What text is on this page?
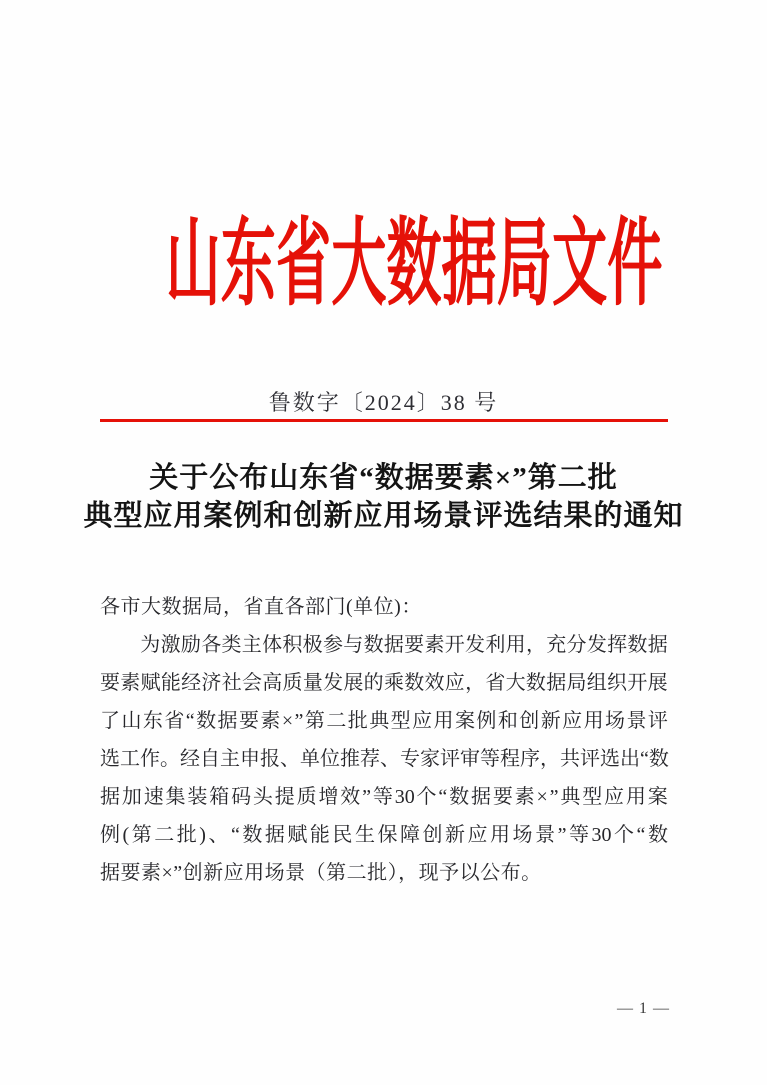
山东省大数据局文件
鲁数字〔2024〕38 号
关于公布山东省“数据要素×”第二批
典型应用案例和创新应用场景评选结果的通知
各市大数据局，省直各部门(单位)：
为 激 励 各 类 主 体 积 极 参 与 数 据 要 素 开 发 利 用 ， 充 分 发 挥 数 据
要 素 赋 能 经 济 社 会 高 质 量 发 展 的 乘 数 效 应 ， 省 大 数 据 局 组 织 开 展
了 山 东 省 “ 数 据 要 素 × ” 第 二 批 典 型 应 用 案 例 和 创 新 应 用 场 景 评
选 工 作 。 经 自 主 申 报 、 单 位 推 荐 、 专 家 评 审 等 程 序 ， 共 评 选 出 “ 数
据 加 速 集 装 箱 码 头 提 质 增 效 ” 等 30 个 “ 数 据 要 素 × ” 典 型 应 用 案
例 ( 第 二 批 ) 、 “ 数 据 赋 能 民 生 保 障 创 新 应 用 场 景 ” 等 30 个 “ 数
据要素×”创新应用场景（第二批），现予以公布。
— 1 —
